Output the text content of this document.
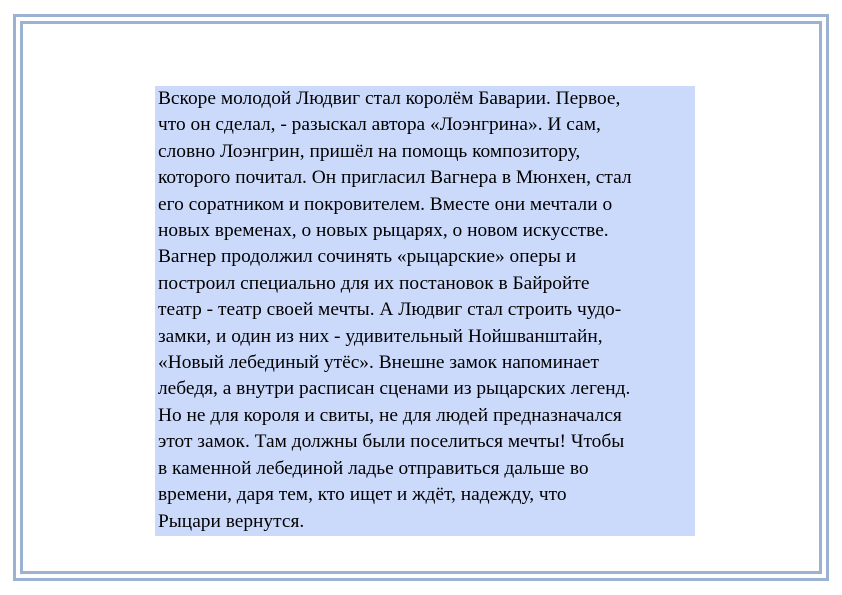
Вскоре молодой Людвиг стал королём Баварии. Первое,
что он сделал, - разыскал автора «Лоэнгрина». И сам,
словно Лоэнгрин, пришёл на помощь композитору,
которого почитал. Он пригласил Вагнера в Мюнхен, стал
его соратником и покровителем. Вместе они мечтали о
новых временах, о новых рыцарях, о новом искусстве.
Вагнер продолжил сочинять «рыцарские» оперы и
построил специально для их постановок в Байройте
театр - театр своей мечты. А Людвиг стал строить чудо-
замки, и один из них - удивительный Нойшванштайн,
«Новый лебединый утёс». Внешне замок напоминает
лебедя, а внутри расписан сценами из рыцарских легенд.
Но не для короля и свиты, не для людей предназначался
этот замок. Там должны были поселиться мечты! Чтобы
в каменной лебединой ладье отправиться дальше во
времени, даря тем, кто ищет и ждёт, надежду, что
Рыцари вернутся.
